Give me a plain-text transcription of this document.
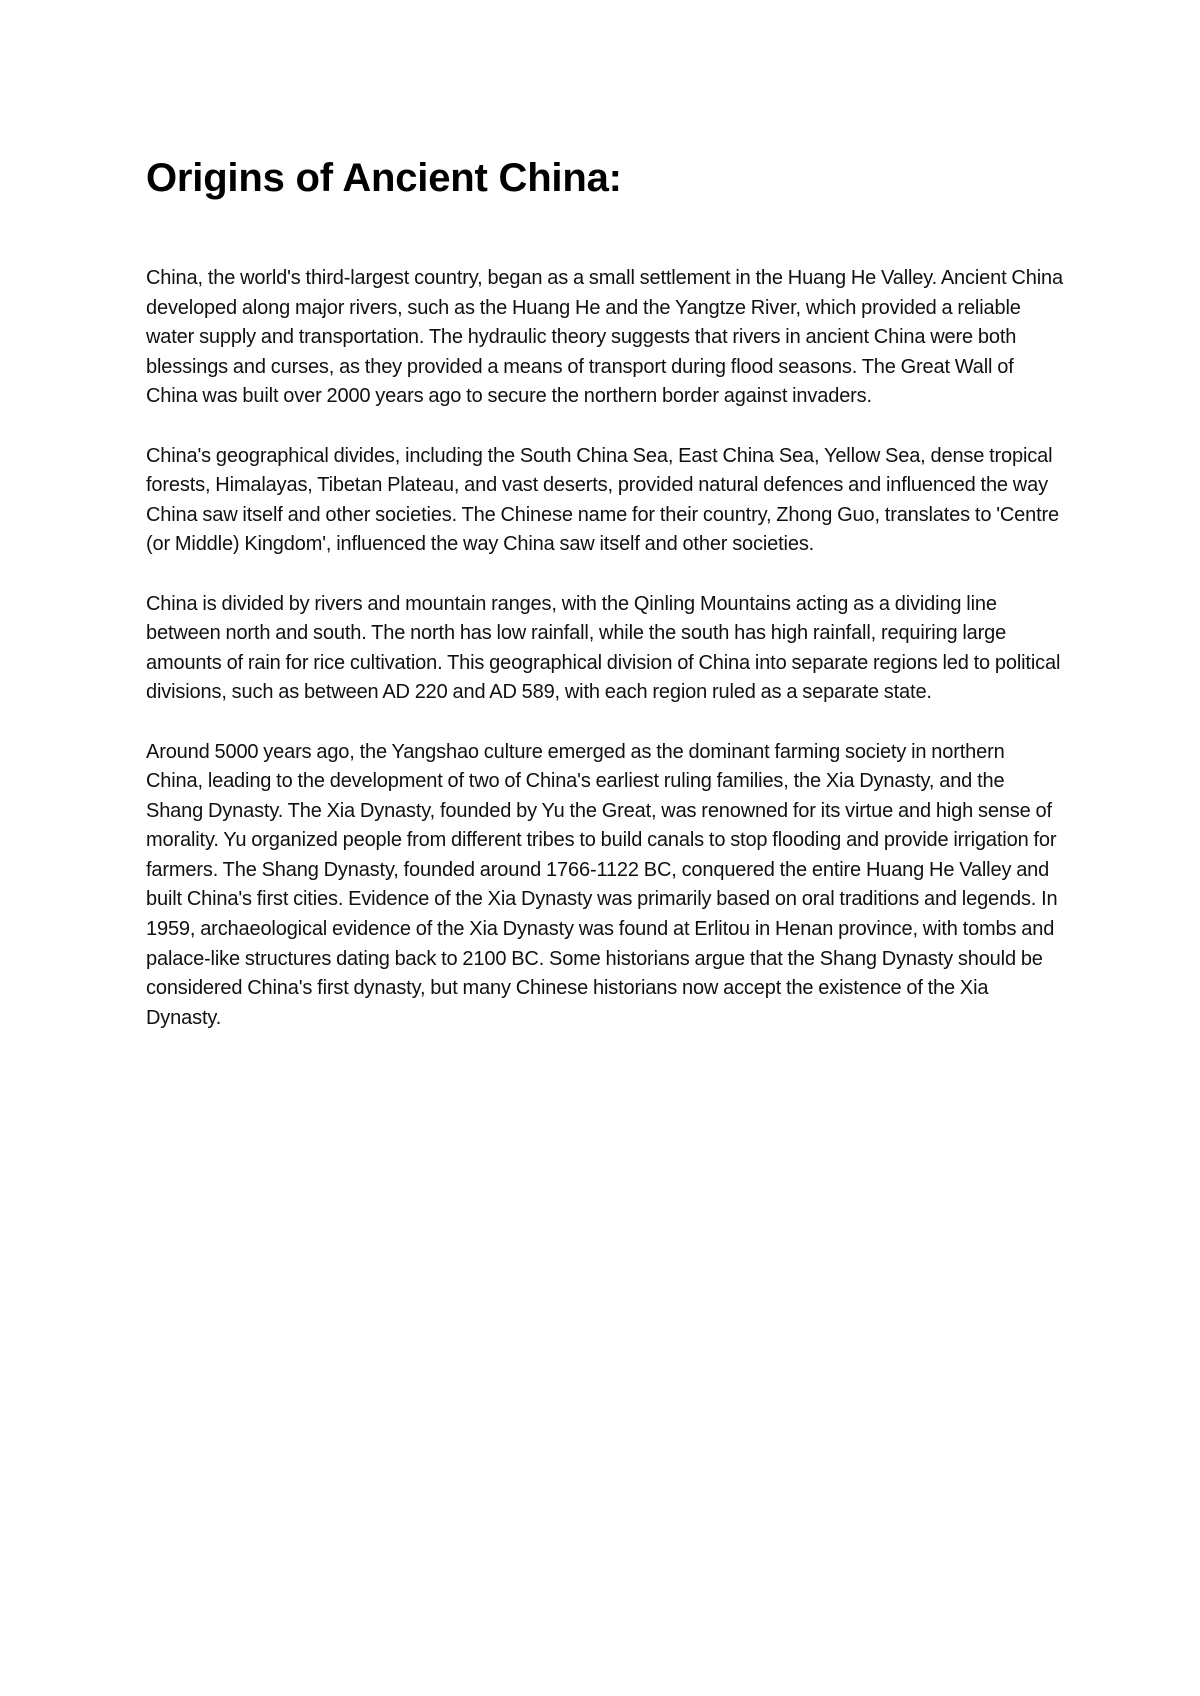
Origins of Ancient China:

China, the world's third-largest country, began as a small settlement in the Huang He Valley. Ancient China developed along major rivers, such as the Huang He and the Yangtze River, which provided a reliable water supply and transportation. The hydraulic theory suggests that rivers in ancient China were both blessings and curses, as they provided a means of transport during flood seasons. The Great Wall of China was built over 2000 years ago to secure the northern border against invaders.

China's geographical divides, including the South China Sea, East China Sea, Yellow Sea, dense tropical forests, Himalayas, Tibetan Plateau, and vast deserts, provided natural defences and influenced the way China saw itself and other societies. The Chinese name for their country, Zhong Guo, translates to 'Centre (or Middle) Kingdom', influenced the way China saw itself and other societies.

China is divided by rivers and mountain ranges, with the Qinling Mountains acting as a dividing line between north and south. The north has low rainfall, while the south has high rainfall, requiring large amounts of rain for rice cultivation. This geographical division of China into separate regions led to political divisions, such as between AD 220 and AD 589, with each region ruled as a separate state.

Around 5000 years ago, the Yangshao culture emerged as the dominant farming society in northern China, leading to the development of two of China's earliest ruling families, the Xia Dynasty, and the Shang Dynasty. The Xia Dynasty, founded by Yu the Great, was renowned for its virtue and high sense of morality. Yu organized people from different tribes to build canals to stop flooding and provide irrigation for farmers. The Shang Dynasty, founded around 1766-1122 BC, conquered the entire Huang He Valley and built China's first cities. Evidence of the Xia Dynasty was primarily based on oral traditions and legends. In 1959, archaeological evidence of the Xia Dynasty was found at Erlitou in Henan province, with tombs and palace-like structures dating back to 2100 BC. Some historians argue that the Shang Dynasty should be considered China's first dynasty, but many Chinese historians now accept the existence of the Xia Dynasty.
